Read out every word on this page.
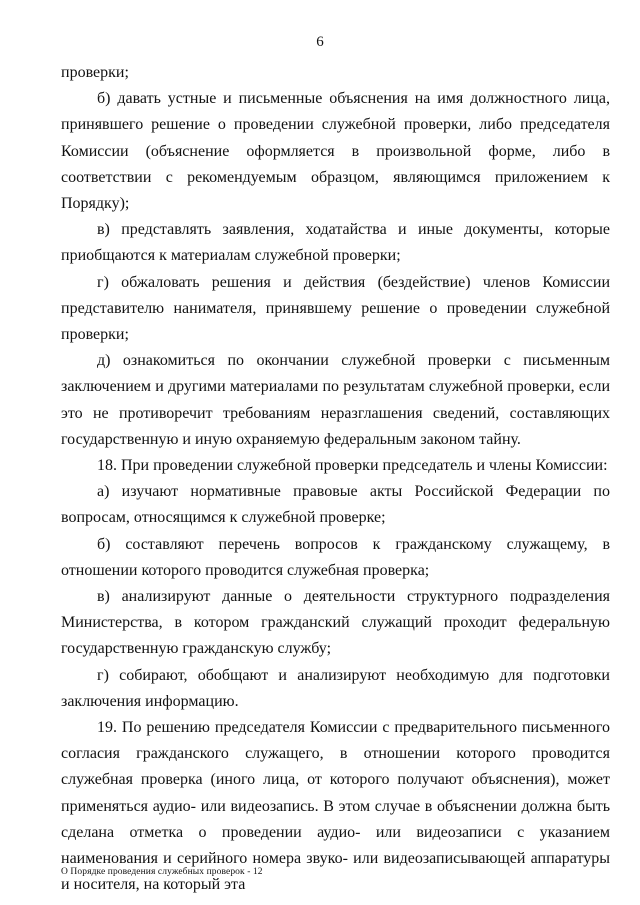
6

проверки;

б) давать устные и письменные объяснения на имя должностного лица, принявшего решение о проведении служебной проверки, либо председателя Комиссии (объяснение оформляется в произвольной форме, либо в соответствии с рекомендуемым образцом, являющимся приложением к Порядку);

в) представлять заявления, ходатайства и иные документы, которые приобщаются к материалам служебной проверки;

г) обжаловать решения и действия (бездействие) членов Комиссии представителю нанимателя, принявшему решение о проведении служебной проверки;

д) ознакомиться по окончании служебной проверки с письменным заключением и другими материалами по результатам служебной проверки, если это не противоречит требованиям неразглашения сведений, составляющих государственную и иную охраняемую федеральным законом тайну.

18. При проведении служебной проверки председатель и члены Комиссии:

а) изучают нормативные правовые акты Российской Федерации по вопросам, относящимся к служебной проверке;

б) составляют перечень вопросов к гражданскому служащему, в отношении которого проводится служебная проверка;

в) анализируют данные о деятельности структурного подразделения Министерства, в котором гражданский служащий проходит федеральную государственную гражданскую службу;

г) собирают, обобщают и анализируют необходимую для подготовки заключения информацию.

19. По решению председателя Комиссии с предварительного письменного согласия гражданского служащего, в отношении которого проводится служебная проверка (иного лица, от которого получают объяснения), может применяться аудио- или видеозапись. В этом случае в объяснении должна быть сделана отметка о проведении аудио- или видеозаписи с указанием наименования и серийного номера звуко- или видеозаписывающей аппаратуры и носителя, на который эта

О Порядке проведения служебных проверок - 12
